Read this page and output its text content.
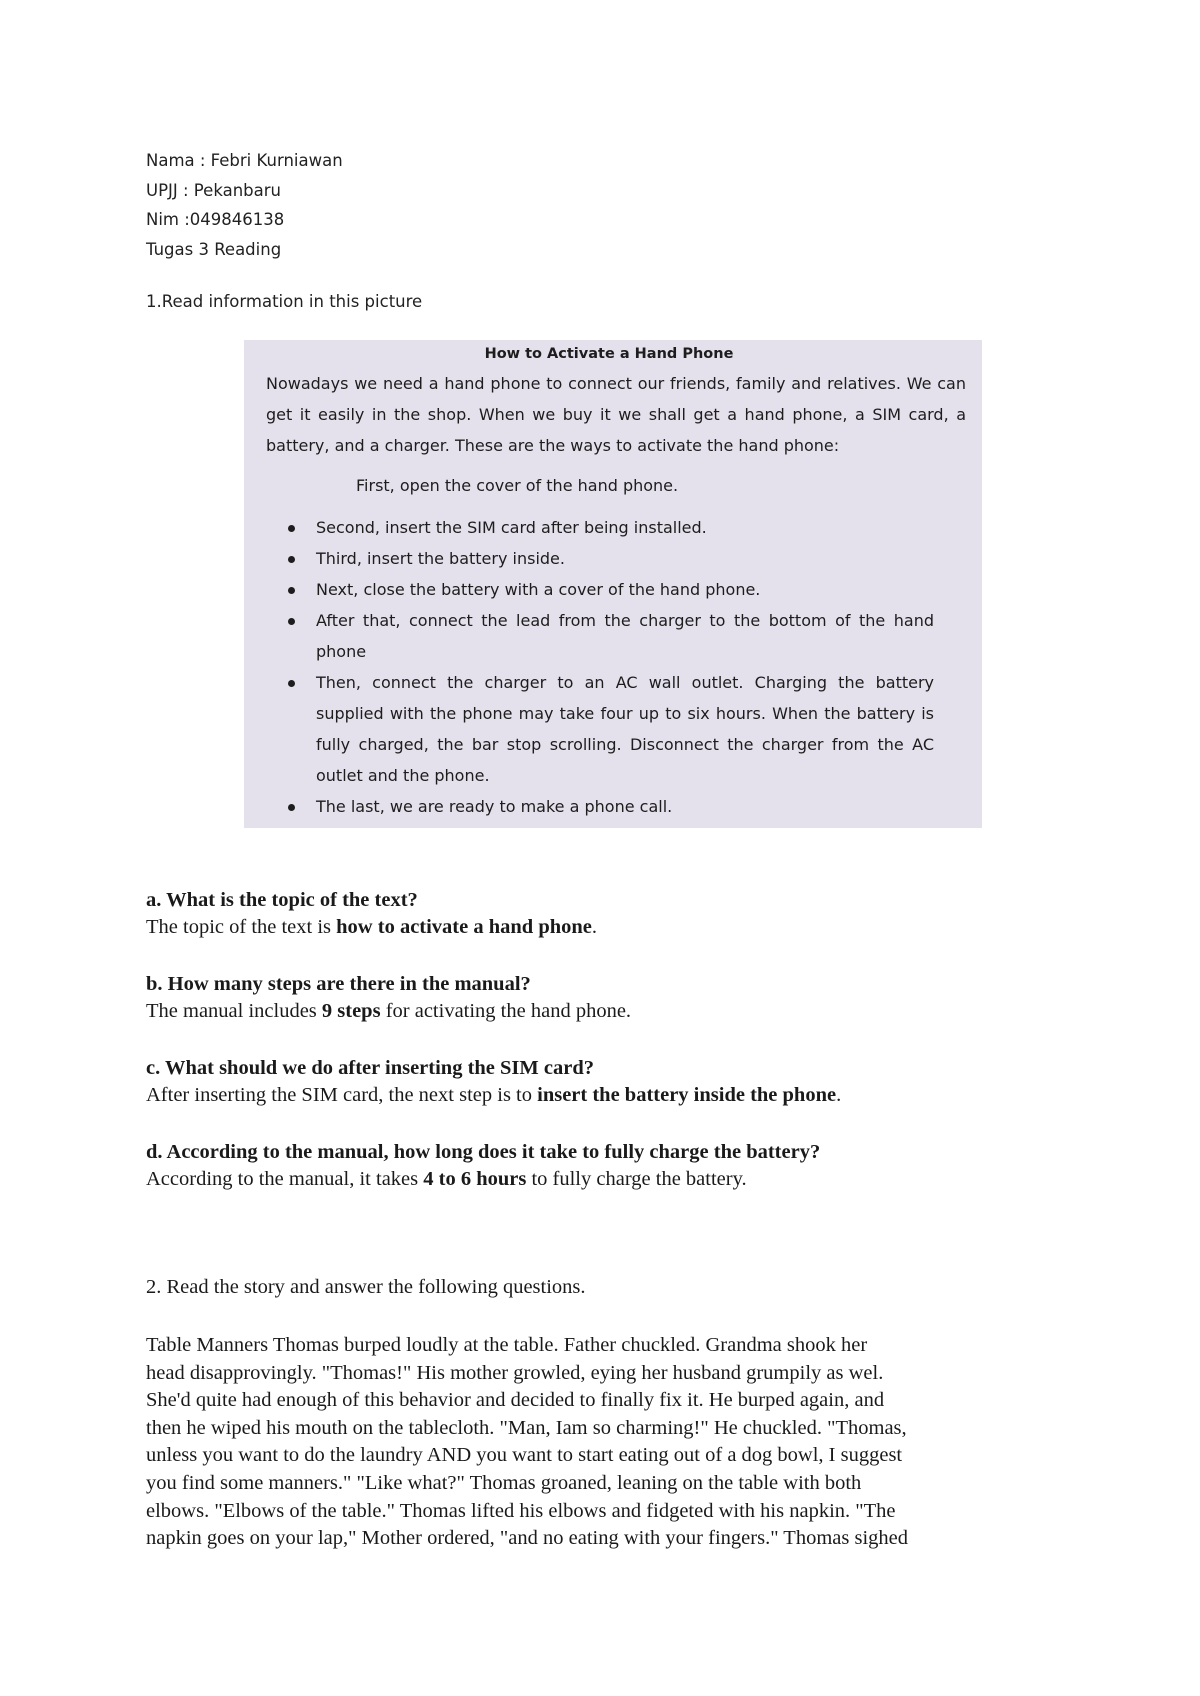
Nama : Febri Kurniawan
UPJJ : Pekanbaru
Nim :049846138
Tugas 3 Reading
1.Read information in this picture
How to Activate a Hand Phone
Nowadays we need a hand phone to connect our friends, family and relatives. We can get it easily in the shop. When we buy it we shall get a hand phone, a SIM card, a battery, and a charger. These are the ways to activate the hand phone:
First, open the cover of the hand phone.
Second, insert the SIM card after being installed.
Third, insert the battery inside.
Next, close the battery with a cover of the hand phone.
After that, connect the lead from the charger to the bottom of the hand phone
Then, connect the charger to an AC wall outlet. Charging the battery supplied with the phone may take four up to six hours. When the battery is fully charged, the bar stop scrolling. Disconnect the charger from the AC outlet and the phone.
The last, we are ready to make a phone call.
a. What is the topic of the text?
The topic of the text is how to activate a hand phone.
b. How many steps are there in the manual?
The manual includes 9 steps for activating the hand phone.
c. What should we do after inserting the SIM card?
After inserting the SIM card, the next step is to insert the battery inside the phone.
d. According to the manual, how long does it take to fully charge the battery?
According to the manual, it takes 4 to 6 hours to fully charge the battery.
2. Read the story and answer the following questions.
Table Manners Thomas burped loudly at the table. Father chuckled. Grandma shook her
head disapprovingly. "Thomas!" His mother growled, eying her husband grumpily as wel.
She'd quite had enough of this behavior and decided to finally fix it. He burped again, and
then he wiped his mouth on the tablecloth. "Man, Iam so charming!" He chuckled. "Thomas,
unless you want to do the laundry AND you want to start eating out of a dog bowl, I suggest
you find some manners." "Like what?" Thomas groaned, leaning on the table with both
elbows. "Elbows of the table." Thomas lifted his elbows and fidgeted with his napkin. "The
napkin goes on your lap," Mother ordered, "and no eating with your fingers." Thomas sighed
